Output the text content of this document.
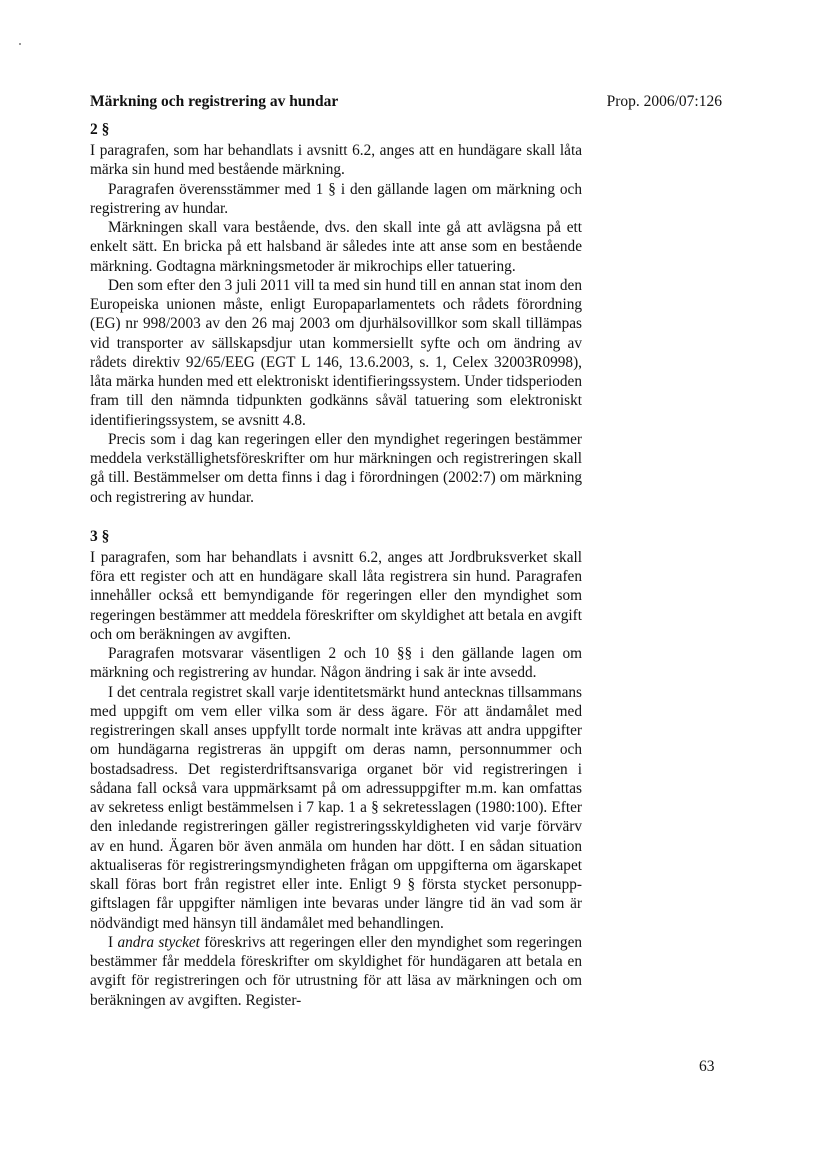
Märkning och registrering av hundar	Prop. 2006/07:126
2 §

I paragrafen, som har behandlats i avsnitt 6.2, anges att en hundägare skall låta märka sin hund med bestående märkning.

Paragrafen överensstämmer med 1 § i den gällande lagen om märkning och registrering av hundar.

Märkningen skall vara bestående, dvs. den skall inte gå att avlägsna på ett enkelt sätt. En bricka på ett halsband är således inte att anse som en bestående märkning. Godtagna märkningsmetoder är mikrochips eller tatuering.

Den som efter den 3 juli 2011 vill ta med sin hund till en annan stat inom den Europeiska unionen måste, enligt Europaparlamentets och rådets förordning (EG) nr 998/2003 av den 26 maj 2003 om djurhälsovillkor som skall tillämpas vid transporter av sällskapsdjur utan kommersiellt syfte och om ändring av rådets direktiv 92/65/EEG (EGT L 146, 13.6.2003, s. 1, Celex 32003R0998), låta märka hunden med ett elektroniskt identifieringssystem. Under tidsperioden fram till den nämnda tidpunkten godkänns såväl tatuering som elektroniskt identifieringssystem, se avsnitt 4.8.

Precis som i dag kan regeringen eller den myndighet regeringen bestämmer meddela verkställighetsföreskrifter om hur märkningen och registreringen skall gå till. Bestämmelser om detta finns i dag i förordningen (2002:7) om märkning och registrering av hundar.

3 §

I paragrafen, som har behandlats i avsnitt 6.2, anges att Jordbruksverket skall föra ett register och att en hundägare skall låta registrera sin hund. Paragrafen innehåller också ett bemyndigande för regeringen eller den myndighet som regeringen bestämmer att meddela föreskrifter om skyldighet att betala en avgift och om beräkningen av avgiften.

Paragrafen motsvarar väsentligen 2 och 10 §§ i den gällande lagen om märkning och registrering av hundar. Någon ändring i sak är inte avsedd.

I det centrala registret skall varje identitetsmärkt hund antecknas tillsammans med uppgift om vem eller vilka som är dess ägare. För att ändamålet med registreringen skall anses uppfyllt torde normalt inte krävas att andra uppgifter om hundägarna registreras än uppgift om deras namn, personnummer och bostadsadress. Det registerdriftsansvariga organet bör vid registreringen i sådana fall också vara uppmärksamt på om adressuppgifter m.m. kan omfattas av sekretess enligt bestämmelsen i 7 kap. 1 a § sekretesslagen (1980:100). Efter den inledande registreringen gäller registreringsskyldigheten vid varje förvärv av en hund. Ägaren bör även anmäla om hunden har dött. I en sådan situation aktualiseras för registreringsmyndigheten frågan om uppgifterna om ägarskapet skall föras bort från registret eller inte. Enligt 9 § första stycket personuppgiftslagen får uppgifter nämligen inte bevaras under längre tid än vad som är nödvändigt med hänsyn till ändamålet med behandlingen.

I andra stycket föreskrivs att regeringen eller den myndighet som regeringen bestämmer får meddela föreskrifter om skyldighet för hundägaren att betala en avgift för registreringen och för utrustning för att läsa av märkningen och om beräkningen av avgiften. Register-

63
